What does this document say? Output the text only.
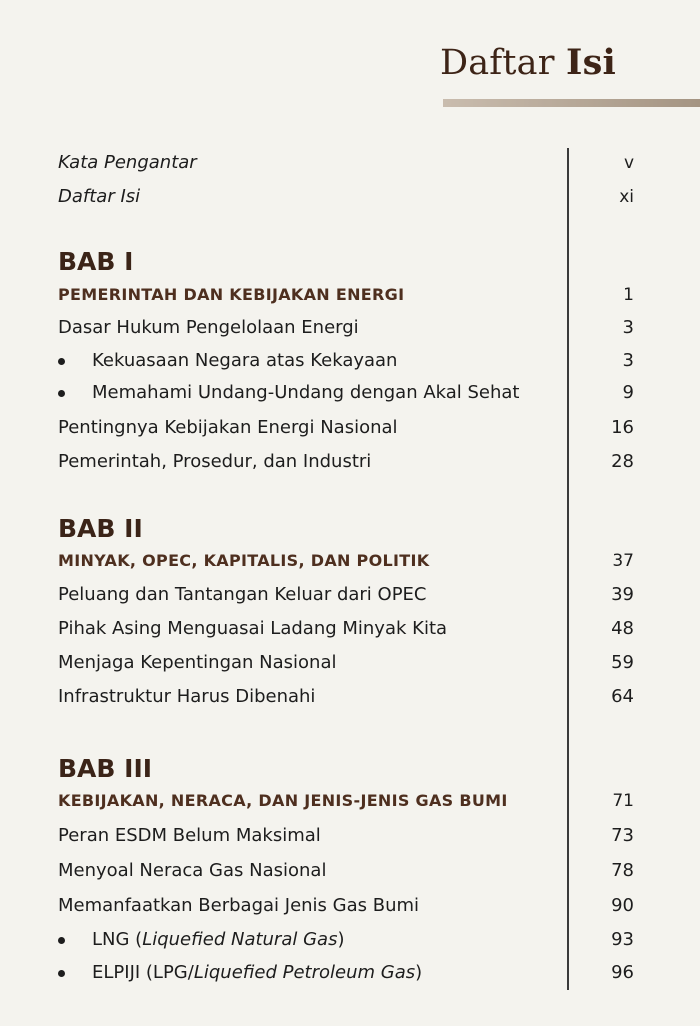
Daftar Isi
Kata Pengantar	v
Daftar Isi	xi
BAB I
PEMERINTAH DAN KEBIJAKAN ENERGI	1
Dasar Hukum Pengelolaan Energi	3
Kekuasaan Negara atas Kekayaan	3
Memahami Undang-Undang dengan Akal Sehat	9
Pentingnya Kebijakan Energi Nasional	16
Pemerintah, Prosedur, dan Industri	28
BAB II
MINYAK, OPEC, KAPITALIS, DAN POLITIK	37
Peluang dan Tantangan Keluar dari OPEC	39
Pihak Asing Menguasai Ladang Minyak Kita	48
Menjaga Kepentingan Nasional	59
Infrastruktur Harus Dibenahi	64
BAB III
KEBIJAKAN, NERACA, DAN JENIS-JENIS GAS BUMI	71
Peran ESDM Belum Maksimal	73
Menyoal Neraca Gas Nasional	78
Memanfaatkan Berbagai Jenis Gas Bumi	90
LNG (Liquefied Natural Gas)	93
ELPIJI (LPG/Liquefied Petroleum Gas)	96
